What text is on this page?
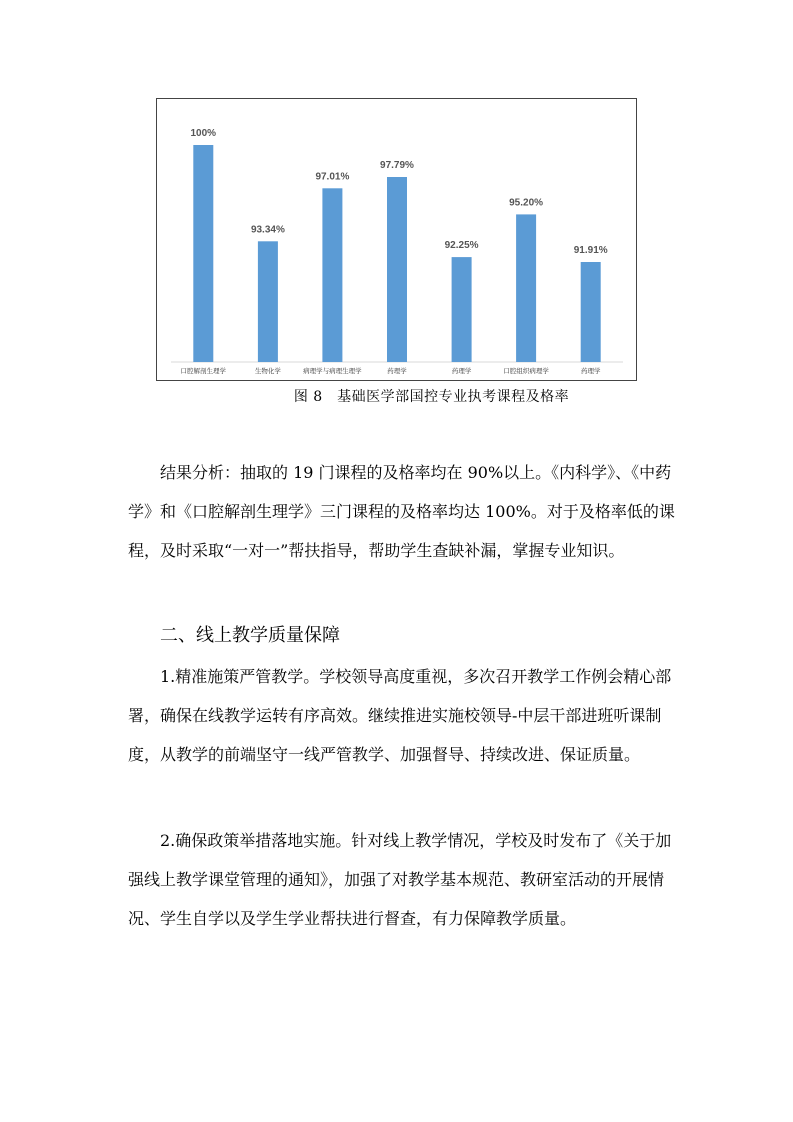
100%
口腔解剖生理学
93.34%
生物化学
97.01%
病理学与病理生理学
97.79%
药理学
92.25%
药理学
95.20%
口腔组织病理学
91.91%
药理学
图 8　基础医学部国控专业执考课程及格率

结果分析：抽取的 19 门课程的及格率均在 90%以上。《内科学》、《中药学》和《口腔解剖生理学》三门课程的及格率均达 100%。对于及格率低的课程，及时采取“一对一”帮扶指导，帮助学生查缺补漏，掌握专业知识。

二、线上教学质量保障

1.精准施策严管教学。学校领导高度重视，多次召开教学工作例会精心部署，确保在线教学运转有序高效。继续推进实施校领导-中层干部进班听课制度，从教学的前端坚守一线严管教学、加强督导、持续改进、保证质量。

2.确保政策举措落地实施。针对线上教学情况，学校及时发布了《关于加强线上教学课堂管理的通知》，加强了对教学基本规范、教研室活动的开展情况、学生自学以及学生学业帮扶进行督查，有力保障教学质量。
